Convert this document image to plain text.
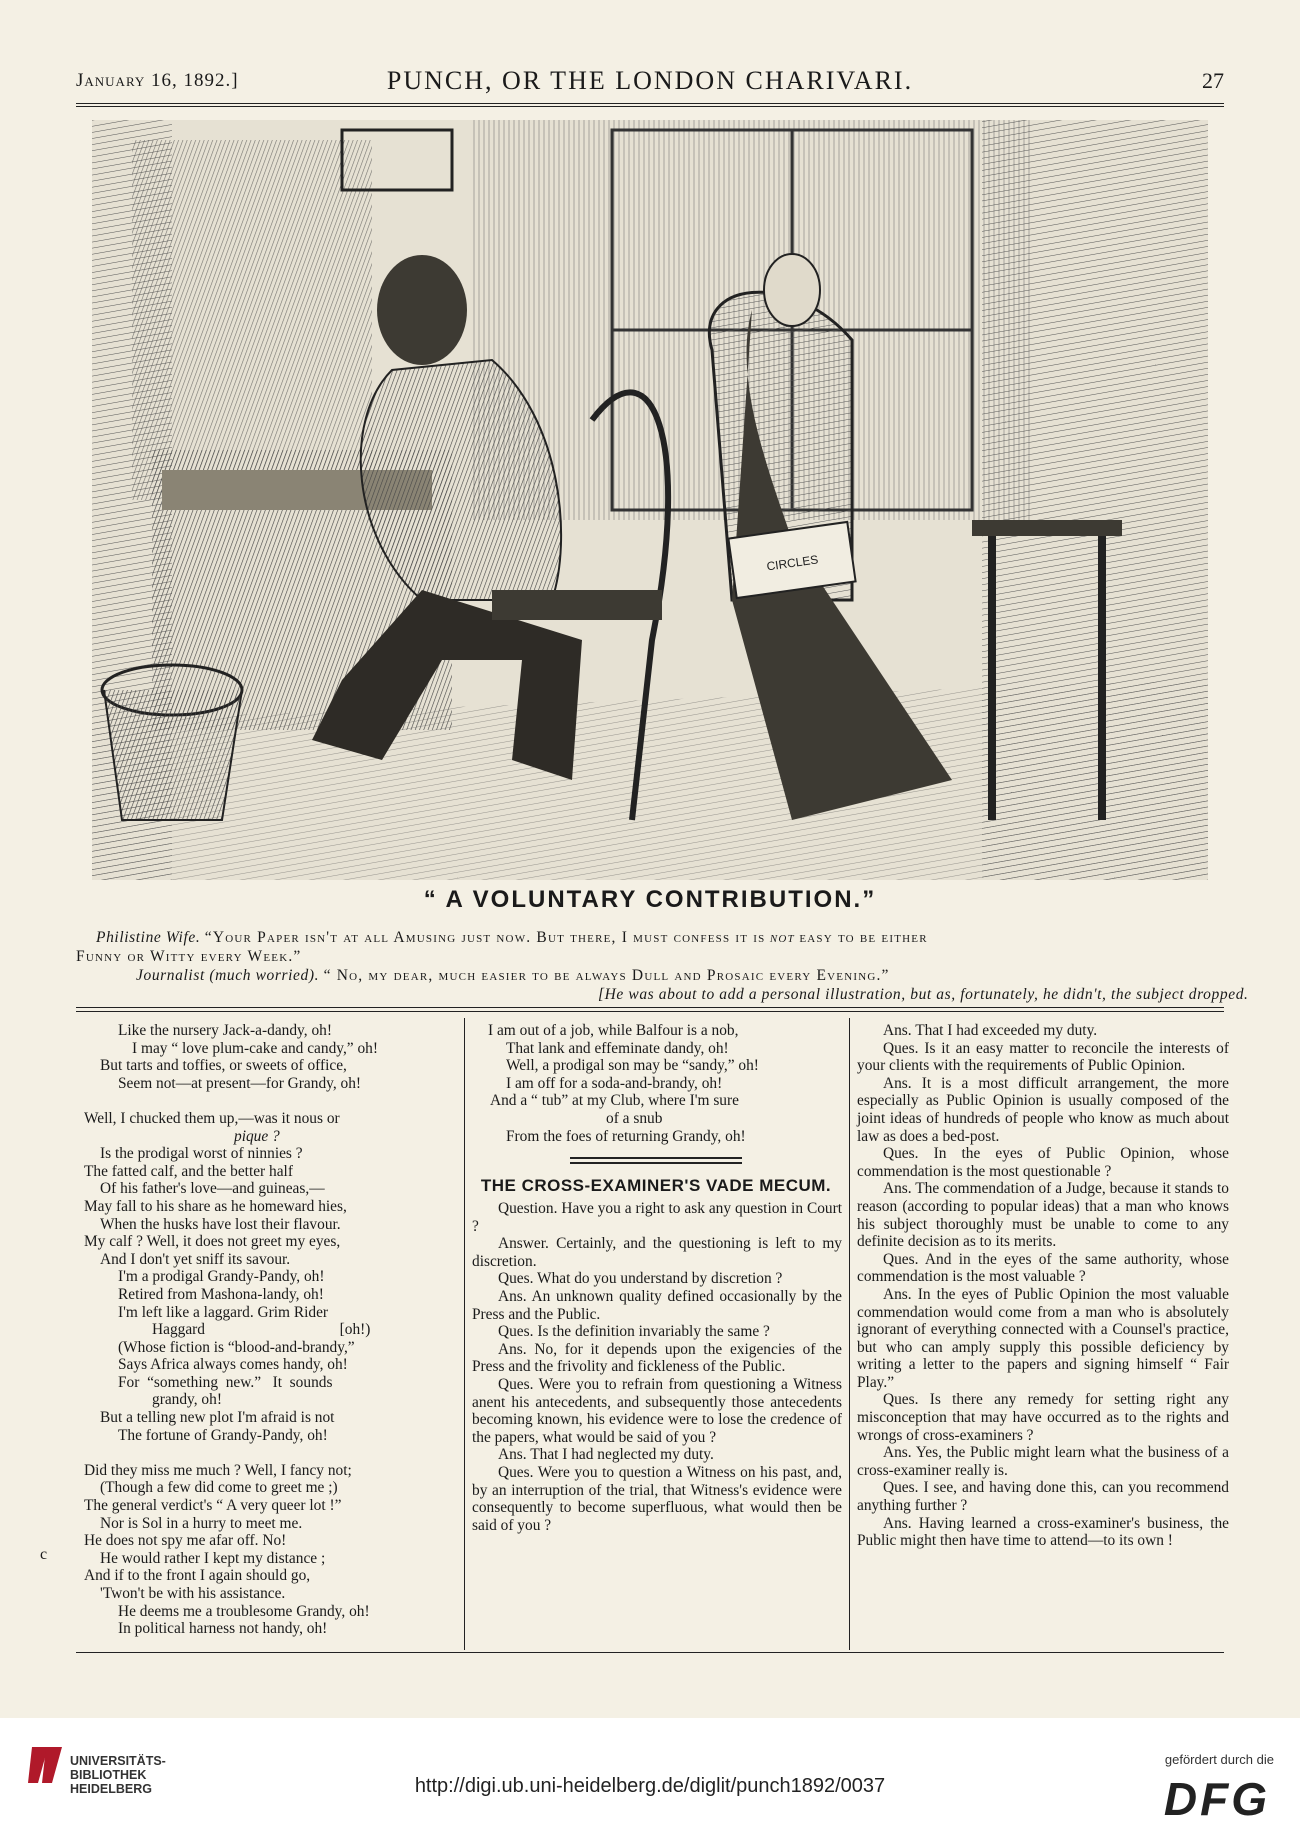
January 16, 1892.]	PUNCH, OR THE LONDON CHARIVARI.	27
CIRCLES
“ A VOLUNTARY CONTRIBUTION.”
Philistine Wife. “Your Paper isn't at all Amusing just now. But there, I must confess it is not easy to be either
Funny or Witty every Week.”
Journalist (much worried). “ No, my dear, much easier to be always Dull and Prosaic every Evening.”
[He was about to add a personal illustration, but as, fortunately, he didn't, the subject dropped.

Like the nursery Jack-a-dandy, oh!

I may “ love plum-cake and candy,” oh!

But tarts and toffies, or sweets of office,

Seem not—at present—for Grandy, oh!

Well, I chucked them up,—was it nous or

pique ?

Is the prodigal worst of ninnies ?

The fatted calf, and the better half

Of his father's love—and guineas,—

May fall to his share as he homeward hies,

When the husks have lost their flavour.

My calf ? Well, it does not greet my eyes,

And I don't yet sniff its savour.

I'm a prodigal Grandy-Pandy, oh!

Retired from Mashona-landy, oh!

I'm left like a laggard. Grim Rider

Haggard                                   [oh!)

(Whose fiction is “blood-and-brandy,”

Says Africa always comes handy, oh!

For  “something  new.”   It  sounds

grandy, oh!

But a telling new plot I'm afraid is not

The fortune of Grandy-Pandy, oh!

Did they miss me much ? Well, I fancy not;

(Though a few did come to greet me ;)

The general verdict's “ A very queer lot !”

Nor is Sol in a hurry to meet me.

He does not spy me afar off. No!

He would rather I kept my distance ;

And if to the front I again should go,

'Twon't be with his assistance.

He deems me a troublesome Grandy, oh!

In political harness not handy, oh!

I am out of a job, while Balfour is a nob,

That lank and effeminate dandy, oh!

Well, a prodigal son may be “sandy,” oh!

I am off for a soda-and-brandy, oh!

And a “ tub” at my Club, where I'm sure

of a snub

From the foes of returning Grandy, oh!

THE CROSS-EXAMINER'S VADE MECUM.

Question. Have you a right to ask any question in Court ?

Answer. Certainly, and the questioning is left to my discretion.

Ques. What do you understand by discretion ?

Ans. An unknown quality defined occasionally by the Press and the Public.

Ques. Is the definition invariably the same ?

Ans. No, for it depends upon the exigencies of the Press and the frivolity and fickleness of the Public.

Ques. Were you to refrain from questioning a Witness anent his antecedents, and subsequently those antecedents becoming known, his evidence were to lose the credence of the papers, what would be said of you ?

Ans. That I had neglected my duty.

Ques. Were you to question a Witness on his past, and, by an interruption of the trial, that Witness's evidence were consequently to become superfluous, what would then be said of you ?

Ans. That I had exceeded my duty.

Ques. Is it an easy matter to reconcile the interests of your clients with the requirements of Public Opinion.

Ans. It is a most difficult arrangement, the more especially as Public Opinion is usually composed of the joint ideas of hundreds of people who know as much about law as does a bed-post.

Ques. In the eyes of Public Opinion, whose commendation is the most questionable ?

Ans. The commendation of a Judge, because it stands to reason (according to popular ideas) that a man who knows his subject thoroughly must be unable to come to any definite decision as to its merits.

Ques. And in the eyes of the same authority, whose commendation is the most valuable ?

Ans. In the eyes of Public Opinion the most valuable commendation would come from a man who is absolutely ignorant of everything connected with a Counsel's practice, but who can amply supply this possible deficiency by writing a letter to the papers and signing himself “ Fair Play.”

Ques. Is there any remedy for setting right any misconception that may have occurred as to the rights and wrongs of cross-examiners ?

Ans. Yes, the Public might learn what the business of a cross-examiner really is.

Ques. I see, and having done this, can you recommend anything further ?

Ans. Having learned a cross-examiner's business, the Public might then have time to attend—to its own !

c
UNIVERSITÄTS-
BIBLIOTHEK
HEIDELBERG	http://digi.ub.uni-heidelberg.de/diglit/punch1892/0037
gefördert durch die
DFG
